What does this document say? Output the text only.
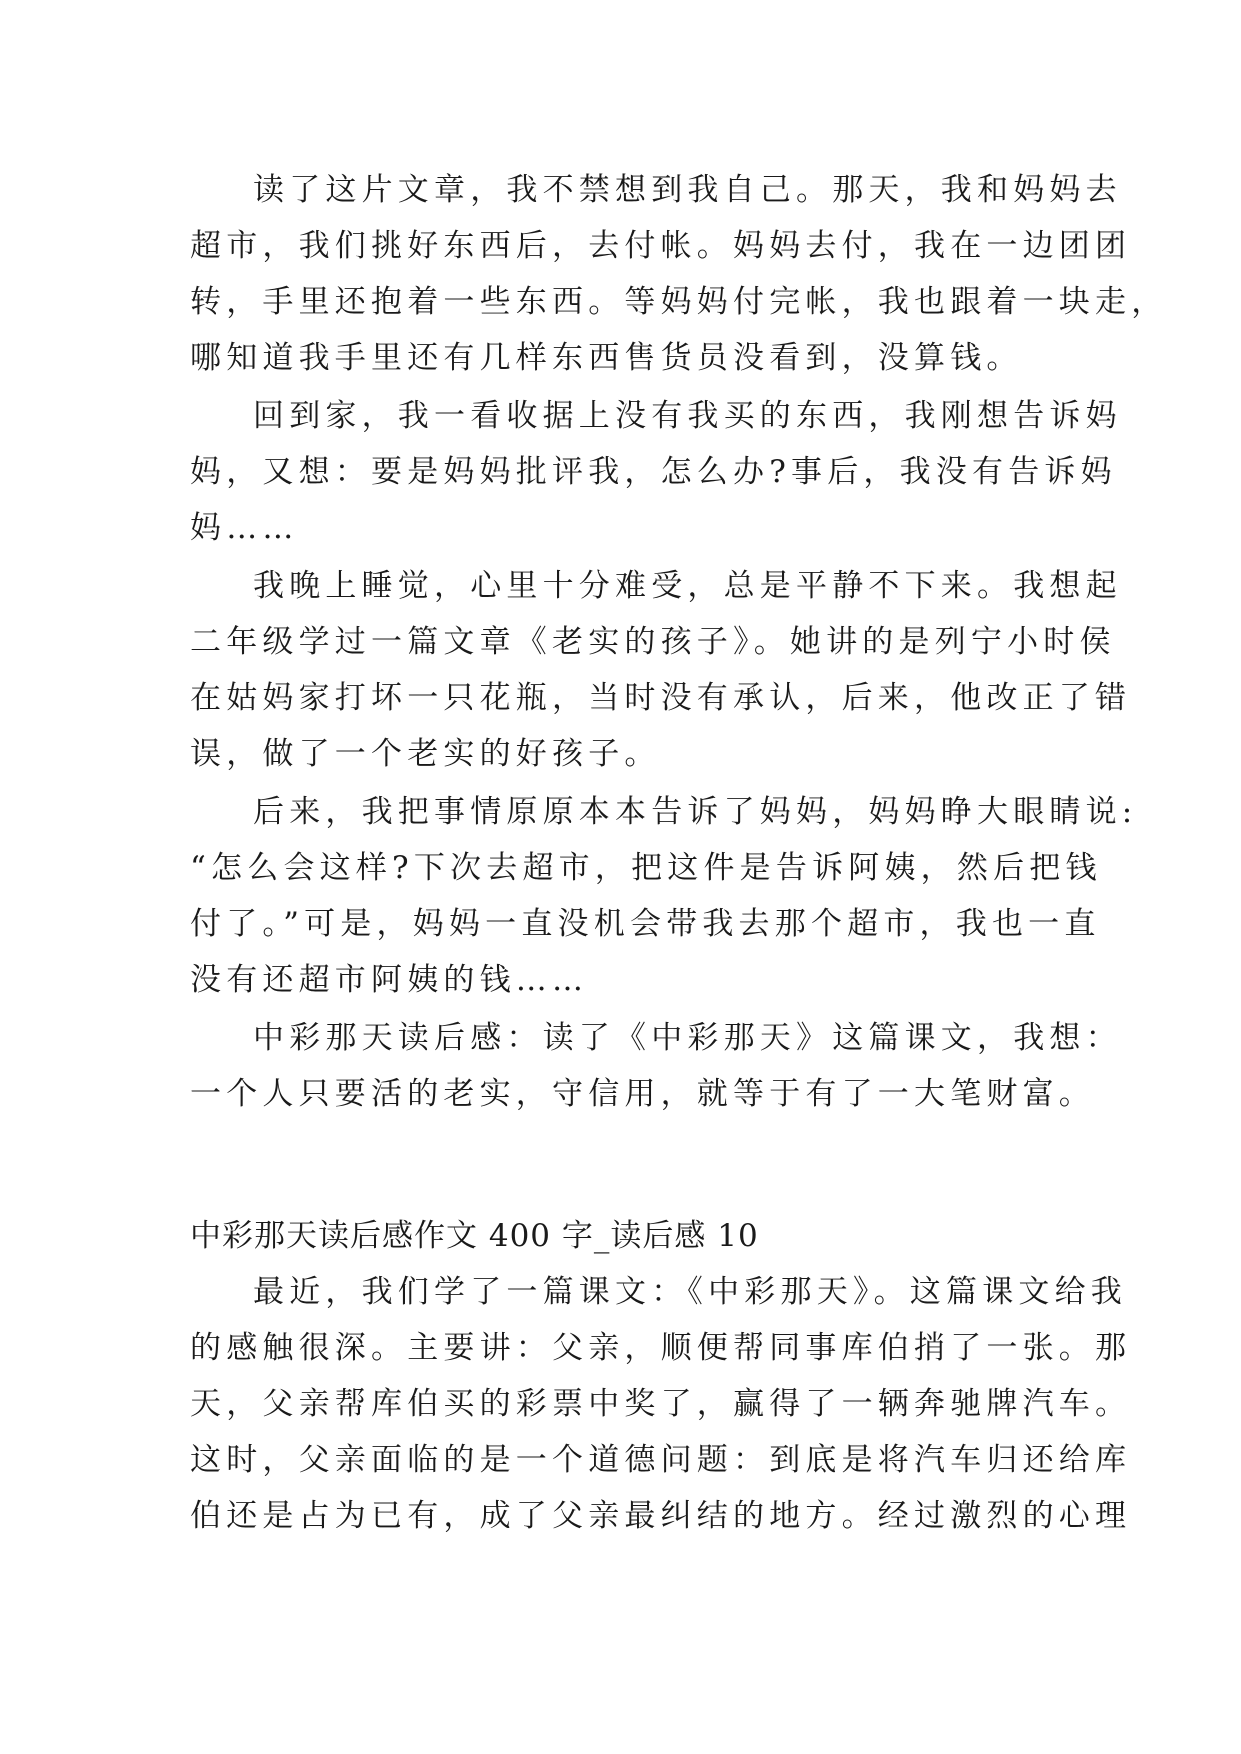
读了这片文章，我不禁想到我自己。那天，我和妈妈去
超市，我们挑好东西后，去付帐。妈妈去付，我在一边团团
转，手里还抱着一些东西。等妈妈付完帐，我也跟着一块走，
哪知道我手里还有几样东西售货员没看到，没算钱。
回到家，我一看收据上没有我买的东西，我刚想告诉妈
妈，又想：要是妈妈批评我，怎么办?事后，我没有告诉妈
妈……
我晚上睡觉，心里十分难受，总是平静不下来。我想起
二年级学过一篇文章《老实的孩子》。她讲的是列宁小时侯
在姑妈家打坏一只花瓶，当时没有承认，后来，他改正了错
误，做了一个老实的好孩子。
后来，我把事情原原本本告诉了妈妈，妈妈睁大眼睛说:
“怎么会这样?下次去超市，把这件是告诉阿姨，然后把钱
付了。”可是，妈妈一直没机会带我去那个超市，我也一直
没有还超市阿姨的钱……
中彩那天读后感：读了《中彩那天》这篇课文，我想：
一个人只要活的老实，守信用，就等于有了一大笔财富。
中彩那天读后感作文 400 字_读后感 10
最近，我们学了一篇课文：《中彩那天》。这篇课文给我
的感触很深。主要讲：父亲，顺便帮同事库伯捎了一张。那
天，父亲帮库伯买的彩票中奖了，赢得了一辆奔驰牌汽车。
这时，父亲面临的是一个道德问题：到底是将汽车归还给库
伯还是占为已有，成了父亲最纠结的地方。经过激烈的心理
